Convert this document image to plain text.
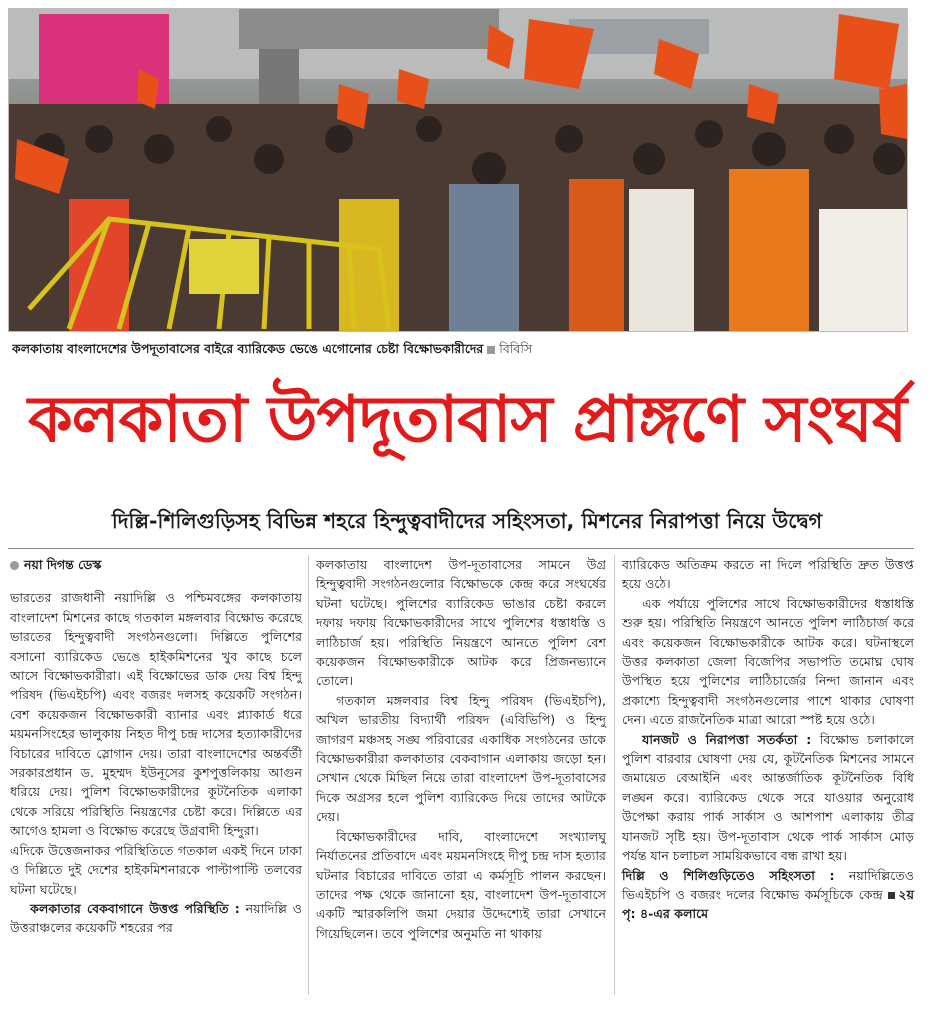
কলকাতায় বাংলাদেশের উপদূতাবাসের বাইরে ব্যারিকেড ভেঙে এগোনোর চেষ্টা বিক্ষোভকারীদের বিবিসি
কলকাতা উপদূতাবাস প্রাঙ্গণে সংঘর্ষ
দিল্লি-শিলিগুড়িসহ বিভিন্ন শহরে হিন্দুত্ববাদীদের সহিংসতা, মিশনের নিরাপত্তা নিয়ে উদ্বেগ
নয়া দিগন্ত ডেস্ক

ভারতের রাজধানী নয়াদিল্লি ও পশ্চিমবঙ্গের কলকাতায় বাংলাদেশ মিশনের কাছে গতকাল মঙ্গলবার বিক্ষোভ করেছে ভারতের হিন্দুত্ববাদী সংগঠনগুলো। দিল্লিতে পুলিশের বসানো ব্যারিকেড ভেঙে হাইকমিশনের খুব কাছে চলে আসে বিক্ষোভকারীরা। এই বিক্ষোভের ডাক দেয় বিশ্ব হিন্দু পরিষদ (ভিএইচপি) এবং বজরং দলসহ কয়েকটি সংগঠন। বেশ কয়েকজন বিক্ষোভকারী ব্যানার এবং প্ল্যাকার্ড ধরে ময়মনসিংহের ভালুকায় নিহত দীপু চন্দ্র দাসের হত্যাকারীদের বিচারের দাবিতে স্লোগান দেয়। তারা বাংলাদেশের অন্তর্বর্তী সরকারপ্রধান ড. মুহম্মদ ইউনূসের কুশপুত্তলিকায় আগুন ধরিয়ে দেয়। পুলিশ বিক্ষোভকারীদের কূটনৈতিক এলাকা থেকে সরিয়ে পরিস্থিতি নিয়ন্ত্রণের চেষ্টা করে। দিল্লিতে এর আগেও হামলা ও বিক্ষোভ করেছে উগ্রবাদী হিন্দুরা।

এদিকে উত্তেজনাকর পরিস্থিতিতে গতকাল একই দিনে ঢাকা ও দিল্লিতে দুই দেশের হাইকমিশনারকে পাল্টাপাল্টি তলবের ঘটনা ঘটেছে।

কলকাতার বেকবাগানে উত্তপ্ত পরিস্থিতি : নয়াদিল্লি ও উত্তরাঞ্চলের কয়েকটি শহরের পর

কলকাতায় বাংলাদেশ উপ-দূতাবাসের সামনে উগ্র হিন্দুত্ববাদী সংগঠনগুলোর বিক্ষোভকে কেন্দ্র করে সংঘর্ষের ঘটনা ঘটেছে। পুলিশের ব্যারিকেড ভাঙার চেষ্টা করলে দফায় দফায় বিক্ষোভকারীদের সাথে পুলিশের ধস্তাধস্তি ও লাঠিচার্জ হয়। পরিস্থিতি নিয়ন্ত্রণে আনতে পুলিশ বেশ কয়েকজন বিক্ষোভকারীকে আটক করে প্রিজনভ্যানে তোলে।

গতকাল মঙ্গলবার বিশ্ব হিন্দু পরিষদ (ভিএইচপি), অখিল ভারতীয় বিদ্যার্থী পরিষদ (এবিভিপি) ও হিন্দু জাগরণ মঞ্চসহ সঙ্ঘ পরিবারের একাধিক সংগঠনের ডাকে বিক্ষোভকারীরা কলকাতার বেকবাগান এলাকায় জড়ো হন। সেখান থেকে মিছিল নিয়ে তারা বাংলাদেশ উপ-দূতাবাসের দিকে অগ্রসর হলে পুলিশ ব্যারিকেড দিয়ে তাদের আটকে দেয়।

বিক্ষোভকারীদের দাবি, বাংলাদেশে সংখ্যালঘু নির্যাতনের প্রতিবাদে এবং ময়মনসিংহে দীপু চন্দ্র দাস হত্যার ঘটনার বিচারের দাবিতে তারা এ কর্মসূচি পালন করছেন। তাদের পক্ষ থেকে জানানো হয়, বাংলাদেশ উপ-দূতাবাসে একটি স্মারকলিপি জমা দেয়ার উদ্দেশ্যেই তারা সেখানে গিয়েছিলেন। তবে পুলিশের অনুমতি না থাকায়

ব্যারিকেড অতিক্রম করতে না দিলে পরিস্থিতি দ্রুত উত্তপ্ত হয়ে ওঠে।

এক পর্যায়ে পুলিশের সাথে বিক্ষোভকারীদের ধস্তাধস্তি শুরু হয়। পরিস্থিতি নিয়ন্ত্রণে আনতে পুলিশ লাঠিচার্জ করে এবং কয়েকজন বিক্ষোভকারীকে আটক করে। ঘটনাস্থলে উত্তর কলকাতা জেলা বিজেপির সভাপতি তমোঘ্ন ঘোষ উপস্থিত হয়ে পুলিশের লাঠিচার্জের নিন্দা জানান এবং প্রকাশ্যে হিন্দুত্ববাদী সংগঠনগুলোর পাশে থাকার ঘোষণা দেন। এতে রাজনৈতিক মাত্রা আরো স্পষ্ট হয়ে ওঠে।

যানজট ও নিরাপত্তা সতর্কতা : বিক্ষোভ চলাকালে পুলিশ বারবার ঘোষণা দেয় যে, কূটনৈতিক মিশনের সামনে জমায়েত বেআইনি এবং আন্তর্জাতিক কূটনৈতিক বিধি লঙ্ঘন করে। ব্যারিকেড থেকে সরে যাওয়ার অনুরোধ উপেক্ষা করায় পার্ক সার্কাস ও আশপাশ এলাকায় তীব্র যানজট সৃষ্টি হয়। উপ-দূতাবাস থেকে পার্ক সার্কাস মোড় পর্যন্ত যান চলাচল সাময়িকভাবে বন্ধ রাখা হয়।

দিল্লি ও শিলিগুড়িতেও সহিংসতা : নয়াদিল্লিতেও ভিএইচপি ও বজরং দলের বিক্ষোভ কর্মসূচিকে কেন্দ্র ২য় পৃ: ৪-এর কলামে
